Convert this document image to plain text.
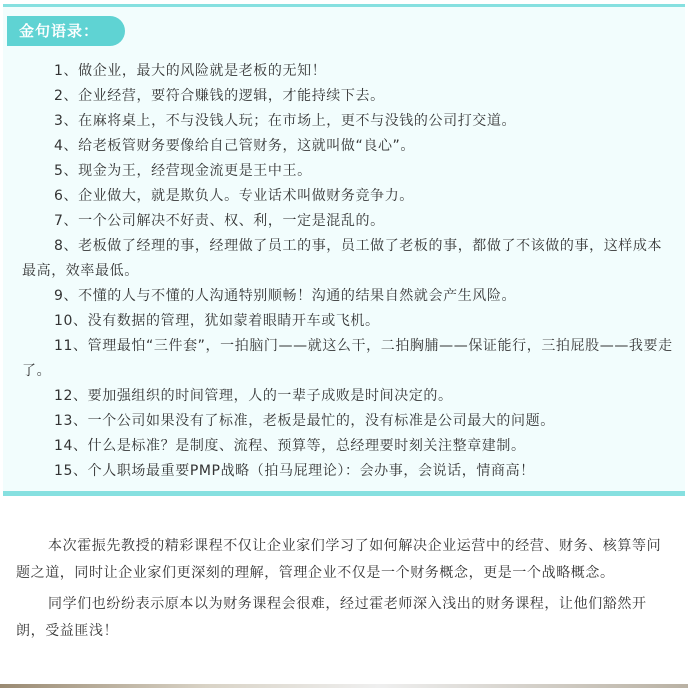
金句语录：
1、做企业，最大的风险就是老板的无知！
2、企业经营，要符合赚钱的逻辑，才能持续下去。
3、在麻将桌上，不与没钱人玩；在市场上，更不与没钱的公司打交道。
4、给老板管财务要像给自己管财务，这就叫做“良心”。
5、现金为王，经营现金流更是王中王。
6、企业做大，就是欺负人。专业话术叫做财务竞争力。
7、一个公司解决不好责、权、利，一定是混乱的。
8、老板做了经理的事，经理做了员工的事，员工做了老板的事，都做了不该做的事，这样成本最高，效率最低。
9、不懂的人与不懂的人沟通特别顺畅！沟通的结果自然就会产生风险。
10、没有数据的管理，犹如蒙着眼睛开车或飞机。
11、管理最怕“三件套”，一拍脑门——就这么干，二拍胸脯——保证能行，三拍屁股——我要走了。
12、要加强组织的时间管理，人的一辈子成败是时间决定的。
13、一个公司如果没有了标准，老板是最忙的，没有标准是公司最大的问题。
14、什么是标准？是制度、流程、预算等，总经理要时刻关注整章建制。
15、个人职场最重要PMP战略（拍马屁理论）：会办事，会说话，情商高！

本次霍振先教授的精彩课程不仅让企业家们学习了如何解决企业运营中的经营、财务、核算等问题之道，同时让企业家们更深刻的理解，管理企业不仅是一个财务概念，更是一个战略概念。

同学们也纷纷表示原本以为财务课程会很难，经过霍老师深入浅出的财务课程，让他们豁然开朗，受益匪浅！
